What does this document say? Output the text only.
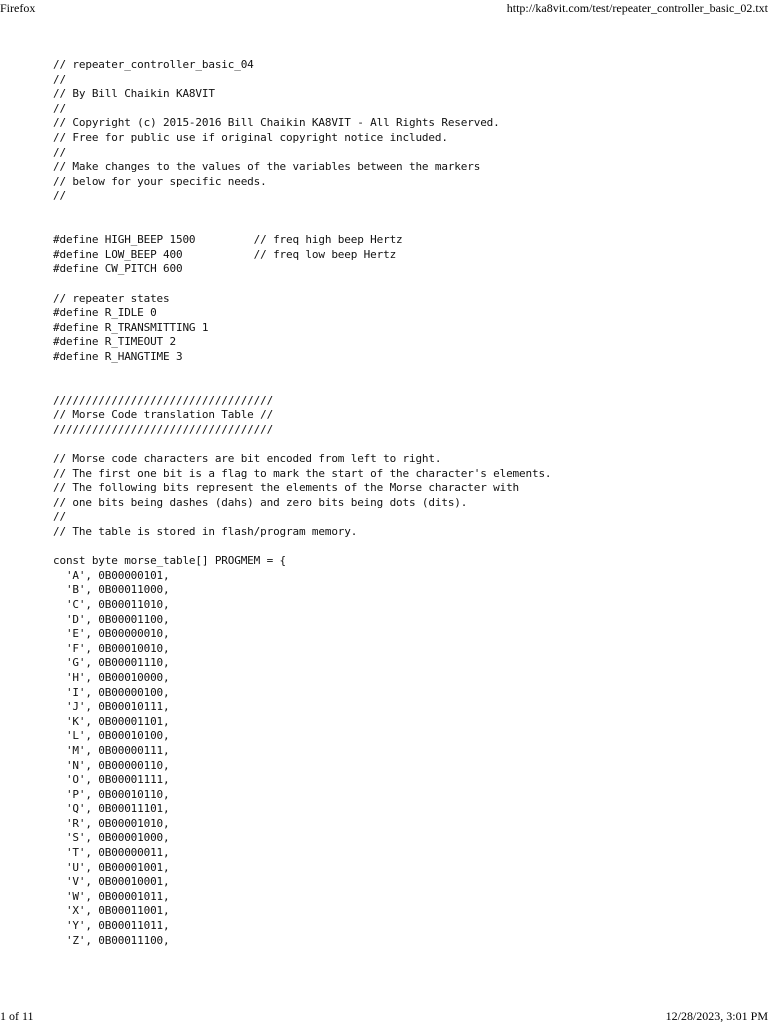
Firefox	http://ka8vit.com/test/repeater_controller_basic_02.txt
// repeater_controller_basic_04
//
// By Bill Chaikin KA8VIT
//
// Copyright (c) 2015-2016 Bill Chaikin KA8VIT - All Rights Reserved.
// Free for public use if original copyright notice included.
//
// Make changes to the values of the variables between the markers
// below for your specific needs.
//
#define HIGH_BEEP 1500         // freq high beep Hertz
#define LOW_BEEP 400           // freq low beep Hertz
#define CW_PITCH 600
// repeater states
#define R_IDLE 0
#define R_TRANSMITTING 1
#define R_TIMEOUT 2
#define R_HANGTIME 3
//////////////////////////////////
// Morse Code translation Table //
//////////////////////////////////
// Morse code characters are bit encoded from left to right.
// The first one bit is a flag to mark the start of the character's elements.
// The following bits represent the elements of the Morse character with
// one bits being dashes (dahs) and zero bits being dots (dits).
//
// The table is stored in flash/program memory.
const byte morse_table[] PROGMEM = {
'A', 0B00000101,
'B', 0B00011000,
'C', 0B00011010,
'D', 0B00001100,
'E', 0B00000010,
'F', 0B00010010,
'G', 0B00001110,
'H', 0B00010000,
'I', 0B00000100,
'J', 0B00010111,
'K', 0B00001101,
'L', 0B00010100,
'M', 0B00000111,
'N', 0B00000110,
'O', 0B00001111,
'P', 0B00010110,
'Q', 0B00011101,
'R', 0B00001010,
'S', 0B00001000,
'T', 0B00000011,
'U', 0B00001001,
'V', 0B00010001,
'W', 0B00001011,
'X', 0B00011001,
'Y', 0B00011011,
'Z', 0B00011100,
1 of 11	12/28/2023, 3:01 PM
